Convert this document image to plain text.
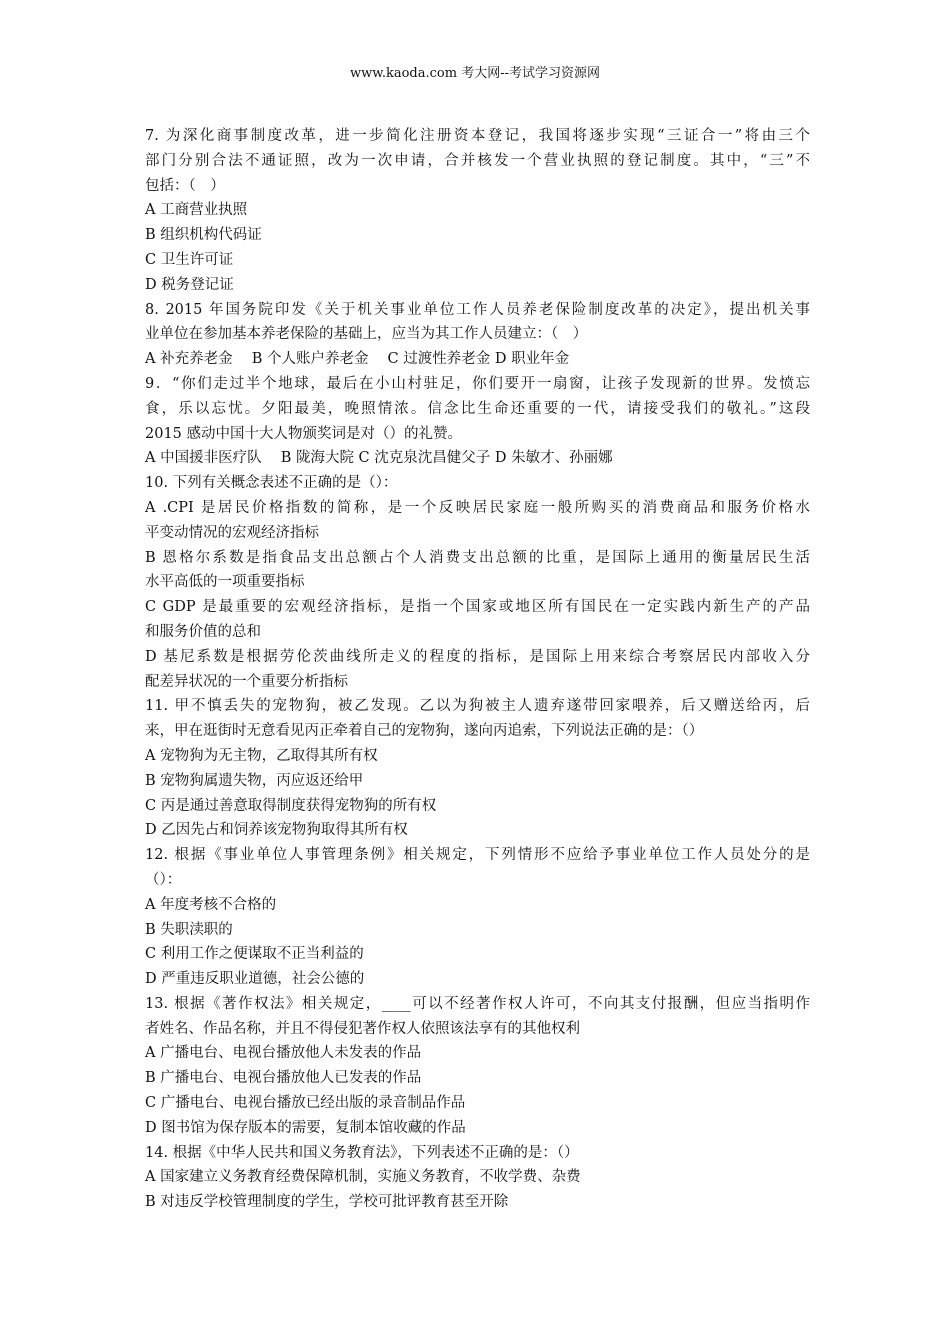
www.kaoda.com 考大网--考试学习资源网
7. 为深化商事制度改革，进一步简化注册资本登记，我国将逐步实现“三证合一”将由三个
部门分别合法不通证照，改为一次申请，合并核发一个营业执照的登记制度。其中，“三”不
包括：（　）
A 工商营业执照
B 组织机构代码证
C 卫生许可证
D 税务登记证
8. 2015 年国务院印发《关于机关事业单位工作人员养老保险制度改革的决定》，提出机关事
业单位在参加基本养老保险的基础上，应当为其工作人员建立：（　）
A 补充养老金　 B 个人账户养老金　 C 过渡性养老金 D 职业年金
9．“你们走过半个地球，最后在小山村驻足，你们要开一扇窗，让孩子发现新的世界。发愤忘
食，乐以忘忧。夕阳最美，晚照情浓。信念比生命还重要的一代，请接受我们的敬礼。”这段
2015 感动中国十大人物颁奖词是对（）的礼赞。
A 中国援非医疗队　 B 陇海大院 C 沈克泉沈昌健父子 D 朱敏才、孙丽娜
10. 下列有关概念表述不正确的是（）：
A .CPI 是居民价格指数的简称，是一个反映居民家庭一般所购买的消费商品和服务价格水
平变动情况的宏观经济指标
B 恩格尔系数是指食品支出总额占个人消费支出总额的比重，是国际上通用的衡量居民生活
水平高低的一项重要指标
C GDP 是最重要的宏观经济指标，是指一个国家或地区所有国民在一定实践内新生产的产品
和服务价值的总和
D 基尼系数是根据劳伦茨曲线所走义的程度的指标，是国际上用来综合考察居民内部收入分
配差异状况的一个重要分析指标
11. 甲不慎丢失的宠物狗，被乙发现。乙以为狗被主人遗弃遂带回家喂养，后又赠送给丙，后
来，甲在逛街时无意看见丙正牵着自己的宠物狗，遂向丙追索，下列说法正确的是：（）
A 宠物狗为无主物，乙取得其所有权
B 宠物狗属遗失物，丙应返还给甲
C 丙是通过善意取得制度获得宠物狗的所有权
D 乙因先占和饲养该宠物狗取得其所有权
12. 根据《事业单位人事管理条例》相关规定，下列情形不应给予事业单位工作人员处分的是
（）：
A 年度考核不合格的
B 失职渎职的
C 利用工作之便谋取不正当利益的
D 严重违反职业道德，社会公德的
13. 根据《著作权法》相关规定，____可以不经著作权人许可，不向其支付报酬，但应当指明作
者姓名、作品名称，并且不得侵犯著作权人依照该法享有的其他权利
A 广播电台、电视台播放他人未发表的作品
B 广播电台、电视台播放他人已发表的作品
C 广播电台、电视台播放已经出版的录音制品作品
D 图书馆为保存版本的需要，复制本馆收藏的作品
14. 根据《中华人民共和国义务教育法》，下列表述不正确的是：（）
A 国家建立义务教育经费保障机制，实施义务教育，不收学费、杂费
B 对违反学校管理制度的学生，学校可批评教育甚至开除
